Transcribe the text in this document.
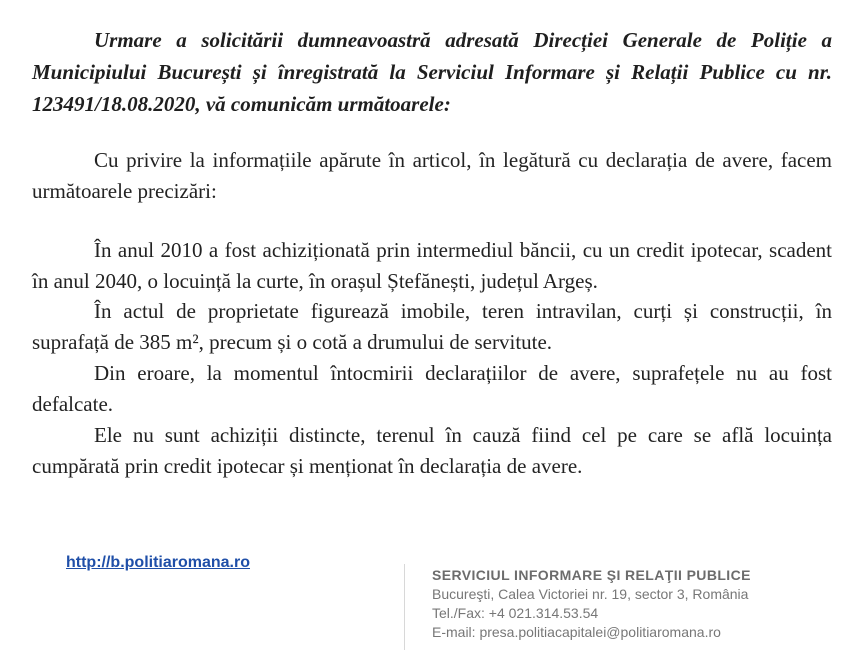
Urmare a solicitării dumneavoastră adresată Direcției Generale de Poliție a Municipiului București și înregistrată la Serviciul Informare și Relații Publice cu nr. 123491/18.08.2020, vă comunicăm următoarele:

Cu privire la informațiile apărute în articol, în legătură cu declarația de avere, facem următoarele precizări:

În anul 2010 a fost achiziționată prin intermediul băncii, cu un credit ipotecar, scadent în anul 2040, o locuință la curte, în orașul Ștefănești, județul Argeș.

În actul de proprietate figurează imobile, teren intravilan, curți și construcții, în suprafață de 385 m², precum și o cotă a drumului de servitute.

Din eroare, la momentul întocmirii declarațiilor de avere, suprafețele nu au fost defalcate.

Ele nu sunt achiziții distincte, terenul în cauză fiind cel pe care se află locuința cumpărată prin credit ipotecar și menționat în declarația de avere.

http://b.politiaromana.ro
SERVICIUL INFORMARE ŞI RELAŢII PUBLICE
Bucureşti, Calea Victoriei nr. 19, sector 3, România
Tel./Fax: +4 021.314.53.54
E-mail: presa.politiacapitalei@politiaromana.ro
